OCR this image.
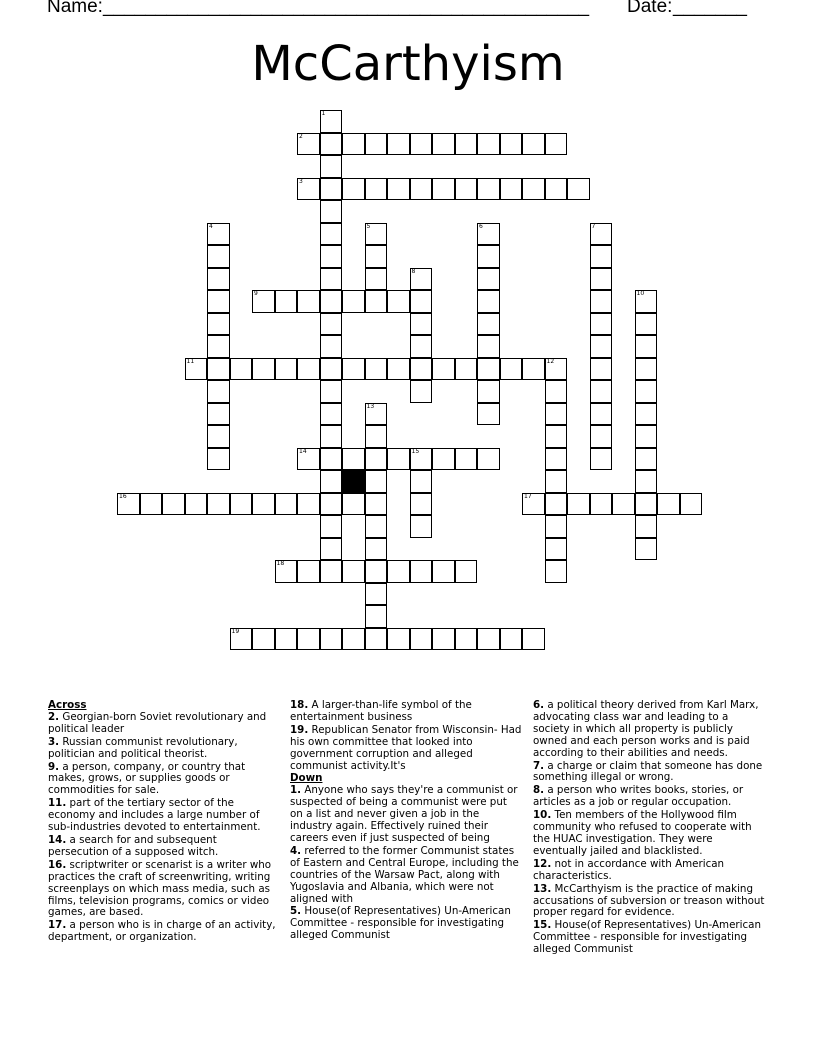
Name: ______________________________________________ Date: _______
McCarthyism
2
3
9
11
14
16	17
18
19
1
4	5	6	7
8
10
12
13
15
Across
2. Georgian-born Soviet revolutionary and political leader
3. Russian communist revolutionary, politician and political theorist.
9. a person, company, or country that makes, grows, or supplies goods or commodities for sale.
11. part of the tertiary sector of the economy and includes a large number of sub-industries devoted to entertainment.
14. a search for and subsequent persecution of a supposed witch.
16. scriptwriter or scenarist is a writer who practices the craft of screenwriting, writing screenplays on which mass media, such as films, television programs, comics or video games, are based.
17. a person who is in charge of an activity, department, or organization.
18. A larger-than-life symbol of the entertainment business
19. Republican Senator from Wisconsin- Had his own committee that looked into government corruption and alleged communist activity.It's
Down
1. Anyone who says they're a communist or suspected of being a communist were put on a list and never given a job in the industry again. Effectively ruined their careers even if just suspected of being
4. referred to the former Communist states of Eastern and Central Europe, including the countries of the Warsaw Pact, along with Yugoslavia and Albania, which were not aligned with
5. House(of Representatives) Un-American Committee - responsible for investigating alleged Communist
6. a political theory derived from Karl Marx, advocating class war and leading to a society in which all property is publicly owned and each person works and is paid according to their abilities and needs.
7. a charge or claim that someone has done something illegal or wrong.
8. a person who writes books, stories, or articles as a job or regular occupation.
10. Ten members of the Hollywood film community who refused to cooperate with the HUAC investigation. They were eventually jailed and blacklisted.
12. not in accordance with American characteristics.
13. McCarthyism is the practice of making accusations of subversion or treason without proper regard for evidence.
15. House(of Representatives) Un-American Committee - responsible for investigating alleged Communist
